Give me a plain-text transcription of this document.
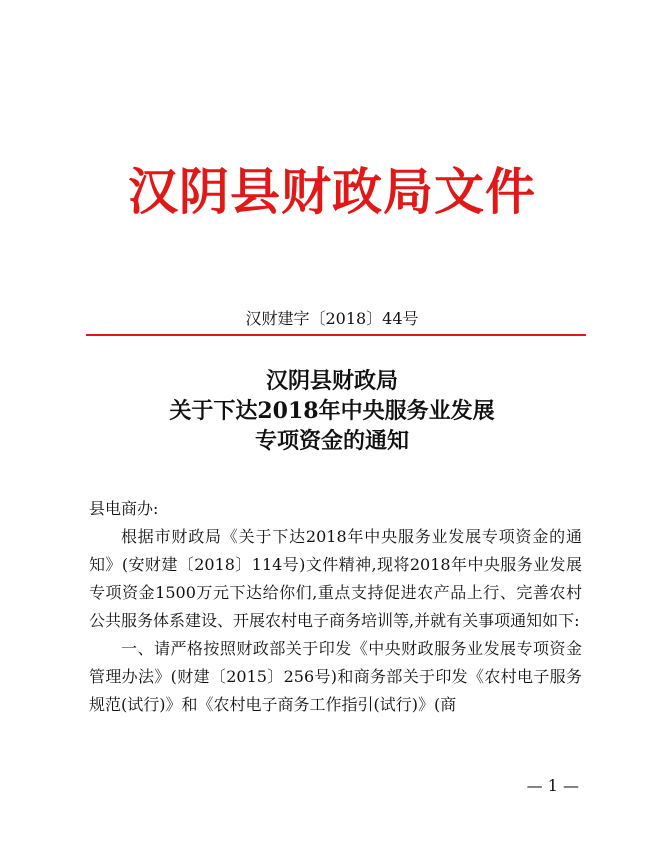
汉阴县财政局文件
汉财建字〔2018〕44号
汉阴县财政局
关于下达2018年中央服务业发展
专项资金的通知

县电商办:

根据市财政局《关于下达2018年中央服务业发展专项资金的通知》(安财建〔2018〕114号)文件精神,现将2018年中央服务业发展专项资金1500万元下达给你们,重点支持促进农产品上行、完善农村公共服务体系建设、开展农村电子商务培训等,并就有关事项通知如下:

一、请严格按照财政部关于印发《中央财政服务业发展专项资金管理办法》(财建〔2015〕256号)和商务部关于印发《农村电子服务规范(试行)》和《农村电子商务工作指引(试行)》(商

— 1 —
